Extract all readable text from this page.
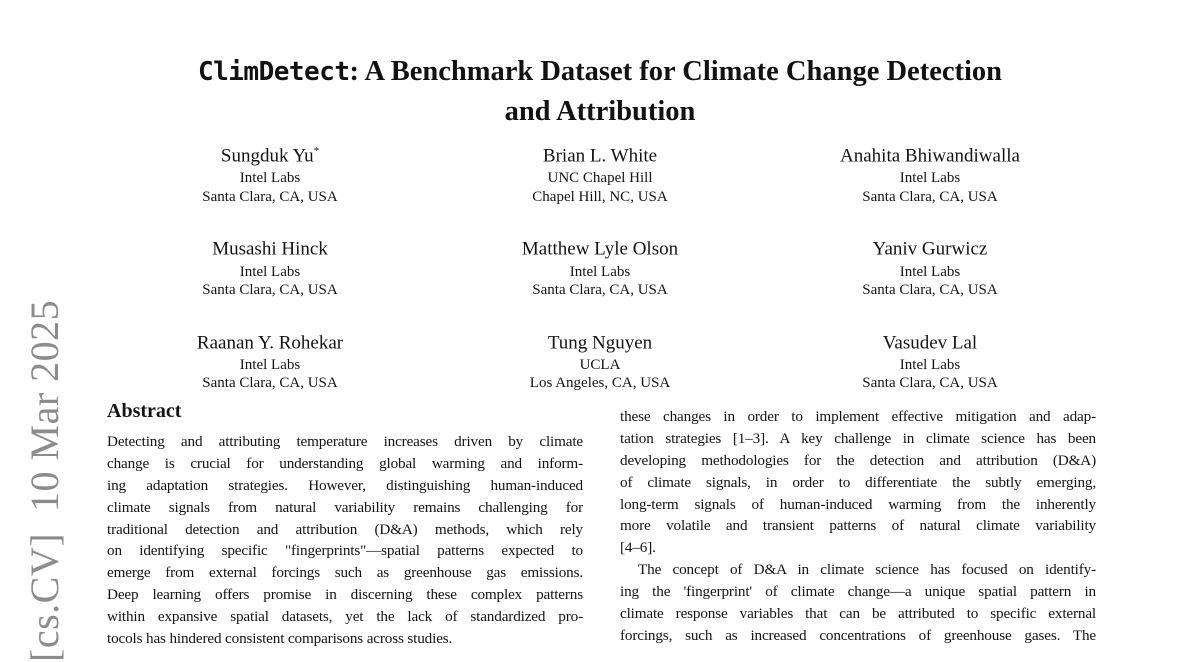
[cs.CV]  10 Mar 2025
ClimDetect: A Benchmark Dataset for Climate Change Detection
and Attribution
Sungduk Yu*
Intel Labs
Santa Clara, CA, USA
Brian L. White
UNC Chapel Hill
Chapel Hill, NC, USA
Anahita Bhiwandiwalla
Intel Labs
Santa Clara, CA, USA
Musashi Hinck
Intel Labs
Santa Clara, CA, USA
Matthew Lyle Olson
Intel Labs
Santa Clara, CA, USA
Yaniv Gurwicz
Intel Labs
Santa Clara, CA, USA
Raanan Y. Rohekar
Intel Labs
Santa Clara, CA, USA
Tung Nguyen
UCLA
Los Angeles, CA, USA
Vasudev Lal
Intel Labs
Santa Clara, CA, USA
Abstract
Detecting and attributing temperature increases driven by climate
change is crucial for understanding global warming and inform-
ing adaptation strategies. However, distinguishing human-induced
climate signals from natural variability remains challenging for
traditional detection and attribution (D&A) methods, which rely
on identifying specific "fingerprints"—spatial patterns expected to
emerge from external forcings such as greenhouse gas emissions.
Deep learning offers promise in discerning these complex patterns
within expansive spatial datasets, yet the lack of standardized pro-
tocols has hindered consistent comparisons across studies.
these changes in order to implement effective mitigation and adap-
tation strategies [1–3]. A key challenge in climate science has been
developing methodologies for the detection and attribution (D&A)
of climate signals, in order to differentiate the subtly emerging,
long-term signals of human-induced warming from the inherently
more volatile and transient patterns of natural climate variability
[4–6].
The concept of D&A in climate science has focused on identify-
ing the 'fingerprint' of climate change—a unique spatial pattern in
climate response variables that can be attributed to specific external
forcings, such as increased concentrations of greenhouse gases. The
